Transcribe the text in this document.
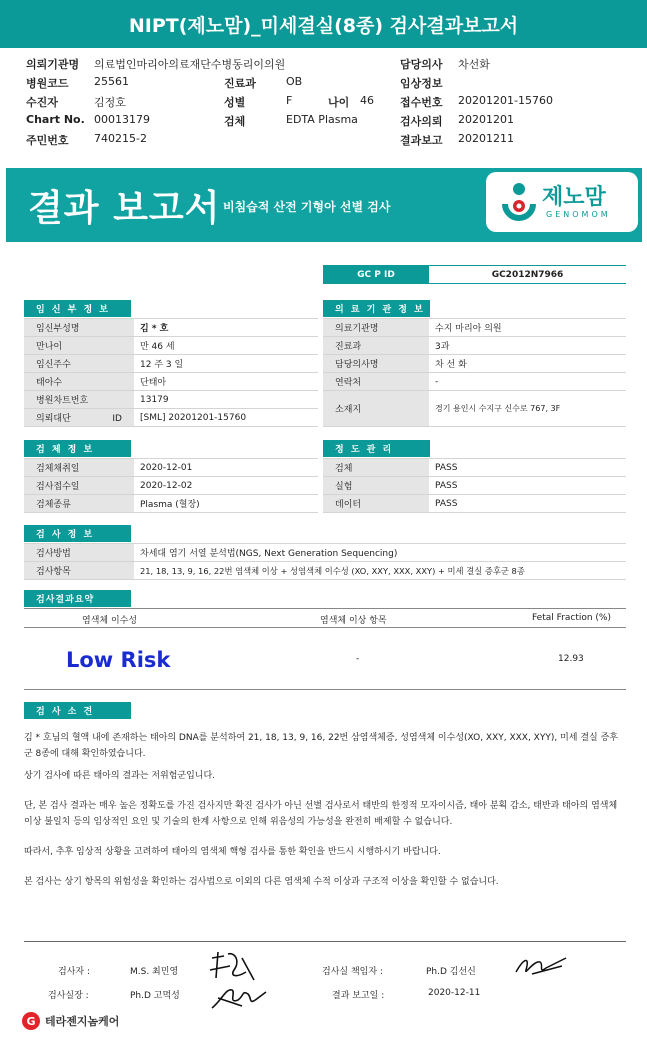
NIPT(제노맘)_미세결실(8종) 검사결과보고서
의뢰기관명 의료법인마리아의료재단수병동리이의원	담당의사 차선화
병원코드 25561	진료과	OB	임상정보
수진자	김정호	성별	F	나이 46 접수번호 20201201-15760
Chart No. 00013179	검체	EDTA Plasma	검사의뢰 20201201
주민번호 740215-2	결과보고 20201211
결과 보고서 비침습적 산전 기형아 선별 검사	제노맘
GENOMOM
GC P ID	GC2012N7966
임 신 부 정 보
임신부성명	김 * 호
만나이	만 46 세
임신주수	12 주 3 일
태아수	단태아
병원차트번호	13179
의뢰대단 ID	[SML] 20201201-15760
의 료 기 관 정 보
의료기관명	수지 마리아 의원
진료과	3과
담당의사명	차 선 화
연락처	-
소재지	경기 용인시 수지구 신수로 767, 3F
검 체 정 보
검체채취일	2020-12-01
검사접수일	2020-12-02
검체종류	Plasma (혈장)
정 도 관 리
검체	PASS
실험	PASS
데이터	PASS
검 사 정 보
검사방법	차세대 염기 서열 분석법(NGS, Next Generation Sequencing)
검사항목	21, 18, 13, 9, 16, 22번 염색체 이상 + 성염색체 이수성 (XO, XXY, XXX, XXY) + 미세 결실 증후군 8종
검사결과요약
염색체 이수성	염색체 이상 항목	Fetal Fraction (%)
Low Risk	-	12.93
검 사 소 견

김 * 호님의 혈액 내에 존재하는 태아의 DNA를 분석하여 21, 18, 13, 9, 16, 22번 삼염색체증, 성염색체 이수성(XO, XXY, XXX, XYY), 미세 결실 증후군 8종에 대해 확인하였습니다.

상기 검사에 따른 태아의 결과는 저위험군입니다.

단, 본 검사 결과는 매우 높은 정확도를 가진 검사지만 확진 검사가 아닌 선별 검사로서 태반의 한정적 모자이시즘, 태아 분획 감소, 태반과 태아의 염색체 이상 불일치 등의 임상적인 요인 및 기술의 한계 사항으로 인해 위음성의 가능성을 완전히 배제할 수 없습니다.

따라서, 추후 임상적 상황을 고려하여 태아의 염색체 핵형 검사를 통한 확인을 반드시 시행하시기 바랍니다.

본 검사는 상기 항목의 위험성을 확인하는 검사법으로 이외의 다른 염색체 수적 이상과 구조적 이상을 확인할 수 없습니다.

검사자 :	M.S. 최민영	검사실 책임자 :	Ph.D 김선신
검사실장 :	Ph.D 고먹성	결과 보고일 :	2020-12-11
G 테라젠지놈케어
